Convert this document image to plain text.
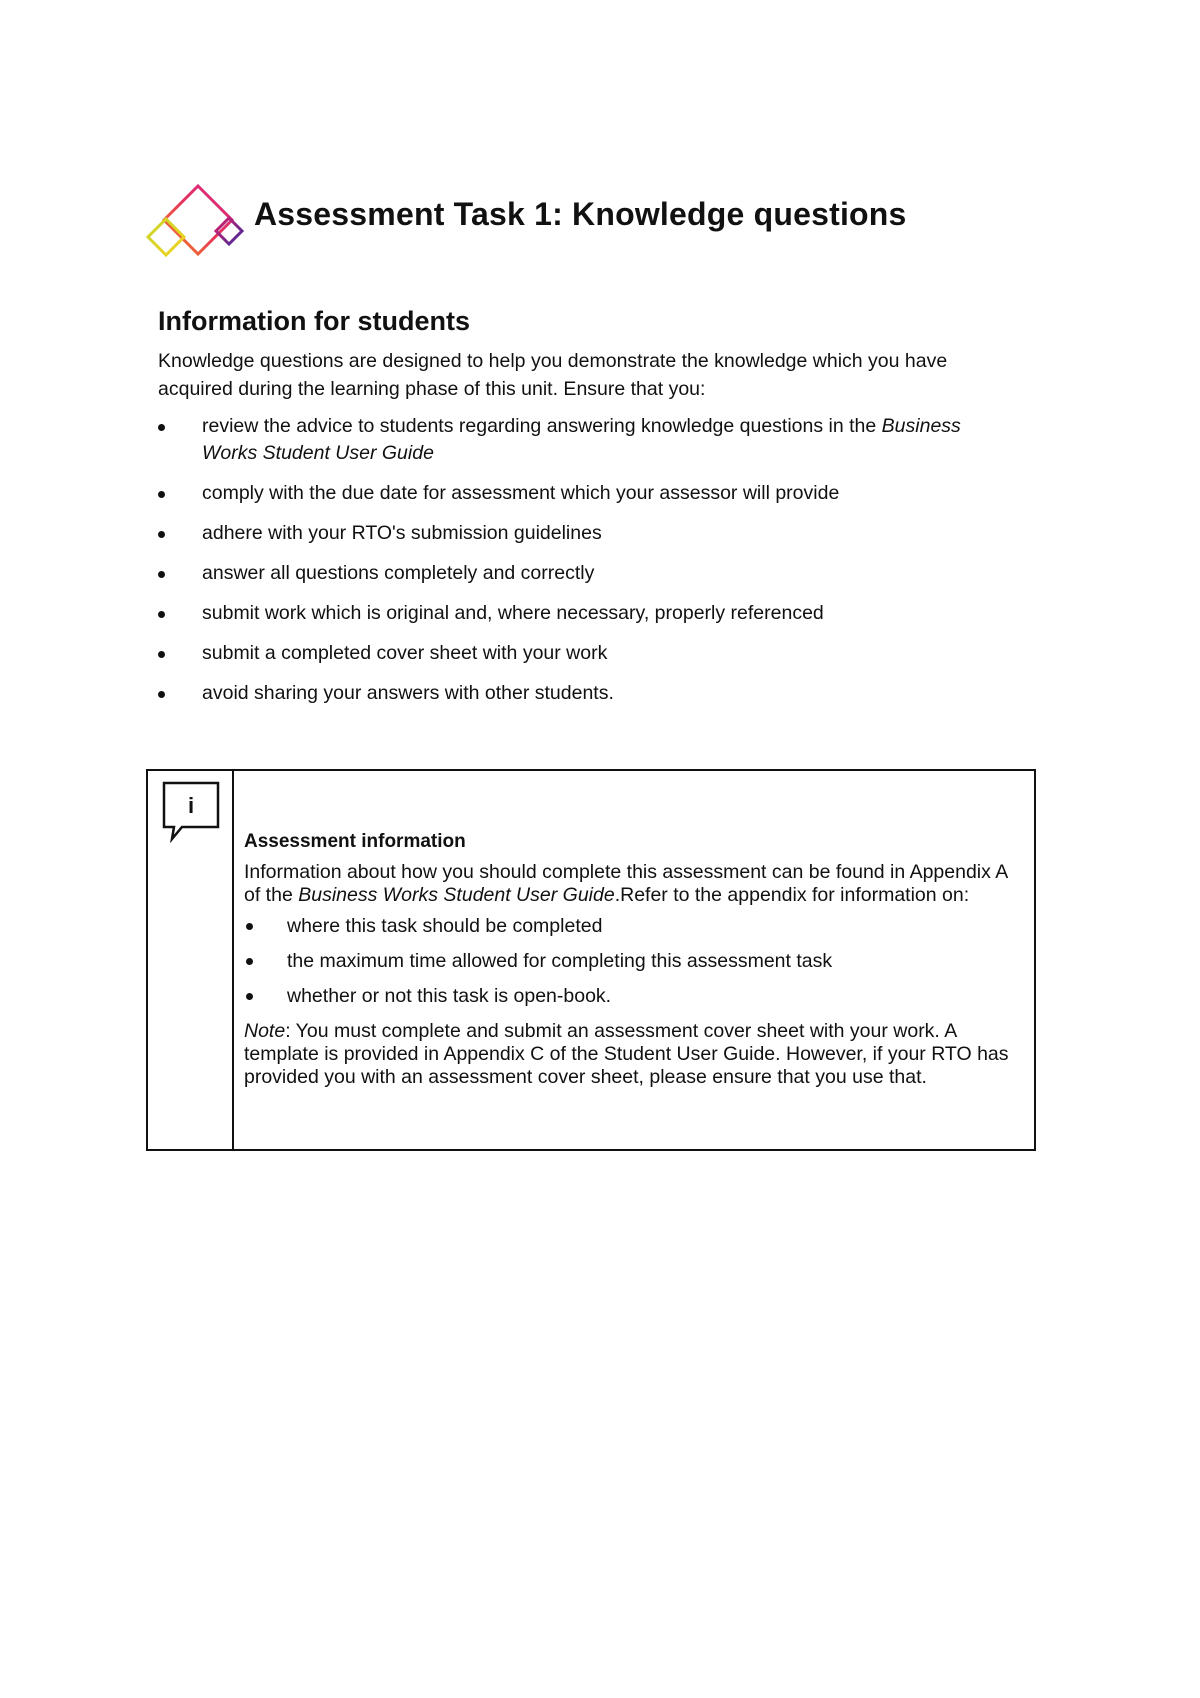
Assessment Task 1: Knowledge questions
Information for students

Knowledge questions are designed to help you demonstrate the knowledge which you have acquired during the learning phase of this unit. Ensure that you:

review the advice to students regarding answering knowledge questions in the Business Works Student User Guide
comply with the due date for assessment which your assessor will provide
adhere with your RTO's submission guidelines
answer all questions completely and correctly
submit work which is original and, where necessary, properly referenced
submit a completed cover sheet with your work
avoid sharing your answers with other students.
i

Assessment information

Information about how you should complete this assessment can be found in Appendix A of the Business Works Student User Guide.Refer to the appendix for information on:

where this task should be completed
the maximum time allowed for completing this assessment task
whether or not this task is open-book.

Note: You must complete and submit an assessment cover sheet with your work. A template is provided in Appendix C of the Student User Guide. However, if your RTO has provided you with an assessment cover sheet, please ensure that you use that.
